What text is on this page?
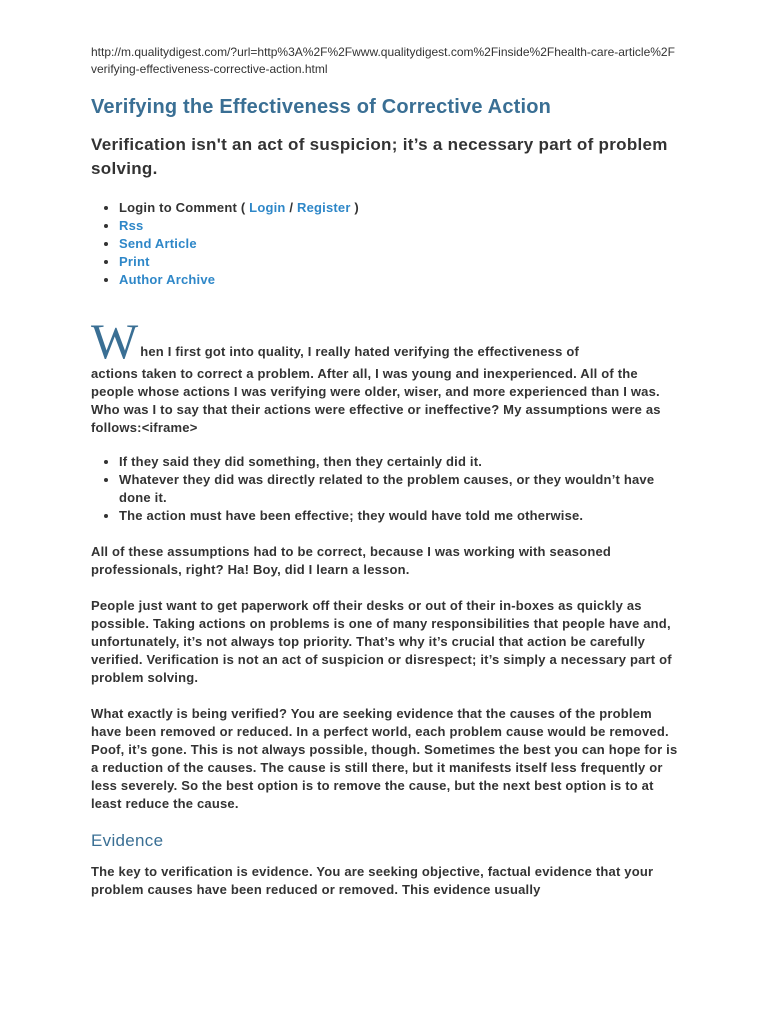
http://m.qualitydigest.com/?url=http%3A%2F%2Fwww.qualitydigest.com%2Finside%2Fhealth-care-article%2Fverifying-effectiveness-corrective-action.html
Verifying the Effectiveness of Corrective Action
Verification isn't an act of suspicion; it’s a necessary part of problem solving.
• Login to Comment ( Login / Register )
• Rss
• Send Article
• Print
• Author Archive
W hen I first got into quality, I really hated verifying the effectiveness of

actions taken to correct a problem. After all, I was young and inexperienced. All of the people whose actions I was verifying were older, wiser, and more experienced than I was. Who was I to say that their actions were effective or ineffective? My assumptions were as follows:<iframe>

• If they said they did something, then they certainly did it.
• Whatever they did was directly related to the problem causes, or they wouldn’t have done it.
• The action must have been effective; they would have told me otherwise.

All of these assumptions had to be correct, because I was working with seasoned professionals, right? Ha! Boy, did I learn a lesson.

People just want to get paperwork off their desks or out of their in-boxes as quickly as possible. Taking actions on problems is one of many responsibilities that people have and, unfortunately, it’s not always top priority. That’s why it’s crucial that action be carefully verified. Verification is not an act of suspicion or disrespect; it’s simply a necessary part of problem solving.

What exactly is being verified? You are seeking evidence that the causes of the problem have been removed or reduced. In a perfect world, each problem cause would be removed. Poof, it’s gone. This is not always possible, though. Sometimes the best you can hope for is a reduction of the causes. The cause is still there, but it manifests itself less frequently or less severely. So the best option is to remove the cause, but the next best option is to at least reduce the cause.

Evidence

The key to verification is evidence. You are seeking objective, factual evidence that your problem causes have been reduced or removed. This evidence usually
